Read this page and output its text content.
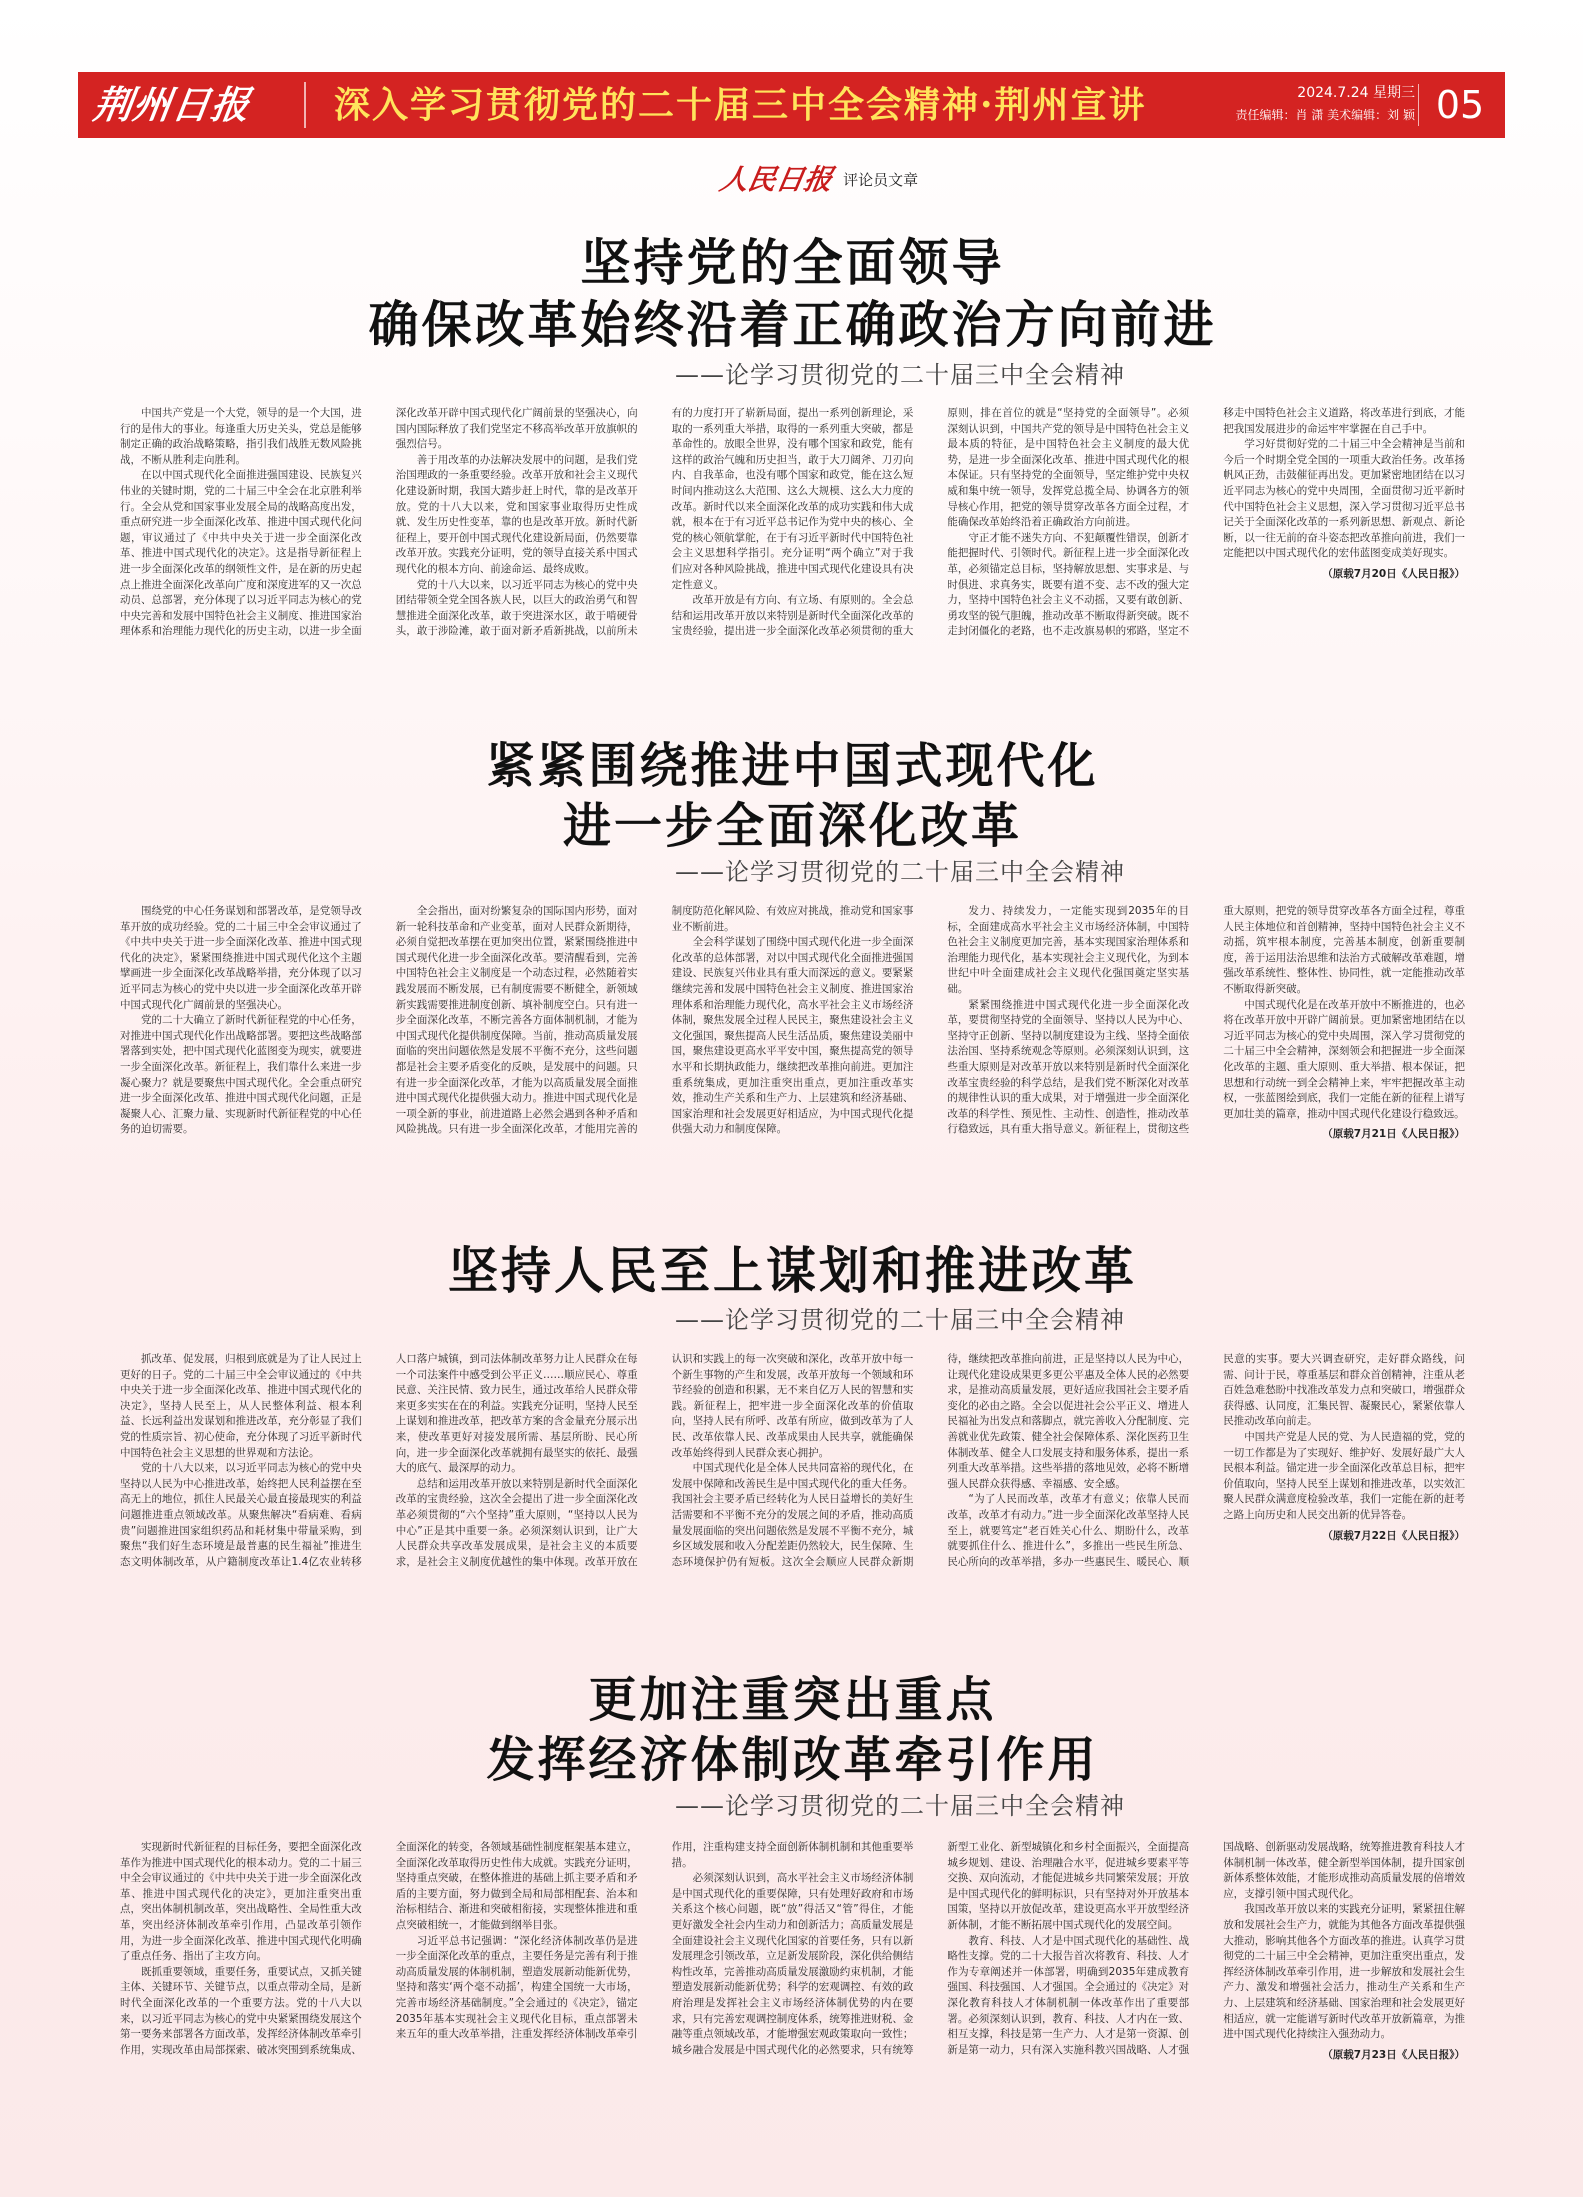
荆州日报	深入学习贯彻党的二十届三中全会精神·荆州宣讲	2024.7.24 星期三
责任编辑：肖 潇 美术编辑：刘 颖 05
人民日报 评论员文章
坚持党的全面领导
确保改革始终沿着正确政治方向前进
——论学习贯彻党的二十届三中全会精神

中国共产党是一个大党，领导的是一个大国，进行的是伟大的事业。每逢重大历史关头，党总是能够制定正确的政治战略策略，指引我们战胜无数风险挑战，不断从胜利走向胜利。

在以中国式现代化全面推进强国建设、民族复兴伟业的关键时期，党的二十届三中全会在北京胜利举行。全会从党和国家事业发展全局的战略高度出发，重点研究进一步全面深化改革、推进中国式现代化问题，审议通过了《中共中央关于进一步全面深化改革、推进中国式现代化的决定》。这是指导新征程上进一步全面深化改革的纲领性文件，是在新的历史起点上推进全面深化改革向广度和深度进军的又一次总动员、总部署，充分体现了以习近平同志为核心的党中央完善和发展中国特色社会主义制度、推进国家治理体系和治理能力现代化的历史主动，以进一步全面深化改革开辟中国式现代化广阔前景的坚强决心，向国内国际释放了我们党坚定不移高举改革开放旗帜的强烈信号。

善于用改革的办法解决发展中的问题，是我们党治国理政的一条重要经验。改革开放和社会主义现代化建设新时期，我国大踏步赶上时代，靠的是改革开放。党的十八大以来，党和国家事业取得历史性成就、发生历史性变革，靠的也是改革开放。新时代新征程上，要开创中国式现代化建设新局面，仍然要靠改革开放。实践充分证明，党的领导直接关系中国式现代化的根本方向、前途命运、最终成败。

党的十八大以来，以习近平同志为核心的党中央团结带领全党全国各族人民，以巨大的政治勇气和智慧推进全面深化改革，敢于突进深水区，敢于啃硬骨头，敢于涉险滩，敢于面对新矛盾新挑战，以前所未有的力度打开了崭新局面，提出一系列创新理论，采取的一系列重大举措，取得的一系列重大突破，都是革命性的。放眼全世界，没有哪个国家和政党，能有这样的政治气魄和历史担当，敢于大刀阔斧、刀刃向内、自我革命，也没有哪个国家和政党，能在这么短时间内推动这么大范围、这么大规模、这么大力度的改革。新时代以来全面深化改革的成功实践和伟大成就，根本在于有习近平总书记作为党中央的核心、全党的核心领航掌舵，在于有习近平新时代中国特色社会主义思想科学指引。充分证明“两个确立”对于我们应对各种风险挑战，推进中国式现代化建设具有决定性意义。

改革开放是有方向、有立场、有原则的。全会总结和运用改革开放以来特别是新时代全面深化改革的宝贵经验，提出进一步全面深化改革必须贯彻的重大原则，排在首位的就是“坚持党的全面领导”。必须深刻认识到，中国共产党的领导是中国特色社会主义最本质的特征，是中国特色社会主义制度的最大优势，是进一步全面深化改革、推进中国式现代化的根本保证。只有坚持党的全面领导，坚定维护党中央权威和集中统一领导，发挥党总揽全局、协调各方的领导核心作用，把党的领导贯穿改革各方面全过程，才能确保改革始终沿着正确政治方向前进。

守正才能不迷失方向、不犯颠覆性错误，创新才能把握时代、引领时代。新征程上进一步全面深化改革，必须锚定总目标，坚持解放思想、实事求是、与时俱进、求真务实，既要有道不变、志不改的强大定力，坚持中国特色社会主义不动摇，又要有敢创新、勇攻坚的锐气胆魄，推动改革不断取得新突破。既不走封闭僵化的老路，也不走改旗易帜的邪路，坚定不移走中国特色社会主义道路，将改革进行到底，才能把我国发展进步的命运牢牢掌握在自己手中。

学习好贯彻好党的二十届三中全会精神是当前和今后一个时期全党全国的一项重大政治任务。改革扬帆风正劲，击鼓催征再出发。更加紧密地团结在以习近平同志为核心的党中央周围，全面贯彻习近平新时代中国特色社会主义思想，深入学习贯彻习近平总书记关于全面深化改革的一系列新思想、新观点、新论断，以一往无前的奋斗姿态把改革推向前进，我们一定能把以中国式现代化的宏伟蓝图变成美好现实。

（原载7月20日《人民日报》）
紧紧围绕推进中国式现代化
进一步全面深化改革
——论学习贯彻党的二十届三中全会精神

围绕党的中心任务谋划和部署改革，是党领导改革开放的成功经验。党的二十届三中全会审议通过了《中共中央关于进一步全面深化改革、推进中国式现代化的决定》，紧紧围绕推进中国式现代化这个主题擘画进一步全面深化改革战略举措，充分体现了以习近平同志为核心的党中央以进一步全面深化改革开辟中国式现代化广阔前景的坚强决心。

党的二十大确立了新时代新征程党的中心任务，对推进中国式现代化作出战略部署。要把这些战略部署落到实处，把中国式现代化蓝图变为现实，就要进一步全面深化改革。新征程上，我们靠什么来进一步凝心聚力？就是要聚焦中国式现代化。全会重点研究进一步全面深化改革、推进中国式现代化问题，正是凝聚人心、汇聚力量、实现新时代新征程党的中心任务的迫切需要。

全会指出，面对纷繁复杂的国际国内形势，面对新一轮科技革命和产业变革，面对人民群众新期待，必须自觉把改革摆在更加突出位置，紧紧围绕推进中国式现代化进一步全面深化改革。要清醒看到，完善中国特色社会主义制度是一个动态过程，必然随着实践发展而不断发展，已有制度需要不断健全，新领域新实践需要推进制度创新、填补制度空白。只有进一步全面深化改革，不断完善各方面体制机制，才能为中国式现代化提供制度保障。当前，推动高质量发展面临的突出问题依然是发展不平衡不充分，这些问题都是社会主要矛盾变化的反映，是发展中的问题。只有进一步全面深化改革，才能为以高质量发展全面推进中国式现代化提供强大动力。推进中国式现代化是一项全新的事业，前进道路上必然会遇到各种矛盾和风险挑战。只有进一步全面深化改革，才能用完善的制度防范化解风险、有效应对挑战，推动党和国家事业不断前进。

全会科学谋划了围绕中国式现代化进一步全面深化改革的总体部署，对以中国式现代化全面推进强国建设、民族复兴伟业具有重大而深远的意义。要紧紧继续完善和发展中国特色社会主义制度、推进国家治理体系和治理能力现代化，高水平社会主义市场经济体制，聚焦发展全过程人民民主，聚焦建设社会主义文化强国，聚焦提高人民生活品质，聚焦建设美丽中国，聚焦建设更高水平平安中国，聚焦提高党的领导水平和长期执政能力，继续把改革推向前进。更加注重系统集成，更加注重突出重点，更加注重改革实效，推动生产关系和生产力、上层建筑和经济基础、国家治理和社会发展更好相适应，为中国式现代化提供强大动力和制度保障。

发力、持续发力，一定能实现到2035年的目标，全面建成高水平社会主义市场经济体制，中国特色社会主义制度更加完善，基本实现国家治理体系和治理能力现代化，基本实现社会主义现代化，为到本世纪中叶全面建成社会主义现代化强国奠定坚实基础。

紧紧围绕推进中国式现代化进一步全面深化改革，要贯彻坚持党的全面领导、坚持以人民为中心、坚持守正创新、坚持以制度建设为主线、坚持全面依法治国、坚持系统观念等原则。必须深刻认识到，这些重大原则是对改革开放以来特别是新时代全面深化改革宝贵经验的科学总结，是我们党不断深化对改革的规律性认识的重大成果，对于增强进一步全面深化改革的科学性、预见性、主动性、创造性，推动改革行稳致远，具有重大指导意义。新征程上，贯彻这些重大原则，把党的领导贯穿改革各方面全过程，尊重人民主体地位和首创精神，坚持中国特色社会主义不动摇，筑牢根本制度，完善基本制度，创新重要制度，善于运用法治思维和法治方式破解改革难题，增强改革系统性、整体性、协同性，就一定能推动改革不断取得新突破。

中国式现代化是在改革开放中不断推进的，也必将在改革开放中开辟广阔前景。更加紧密地团结在以习近平同志为核心的党中央周围，深入学习贯彻党的二十届三中全会精神，深刻领会和把握进一步全面深化改革的主题、重大原则、重大举措、根本保证，把思想和行动统一到全会精神上来，牢牢把握改革主动权，一张蓝图绘到底，我们一定能在新的征程上谱写更加壮美的篇章，推动中国式现代化建设行稳致远。

（原载7月21日《人民日报》）
坚持人民至上谋划和推进改革
——论学习贯彻党的二十届三中全会精神

抓改革、促发展，归根到底就是为了让人民过上更好的日子。党的二十届三中全会审议通过的《中共中央关于进一步全面深化改革、推进中国式现代化的决定》，坚持人民至上，从人民整体利益、根本利益、长远利益出发谋划和推进改革，充分彰显了我们党的性质宗旨、初心使命，充分体现了习近平新时代中国特色社会主义思想的世界观和方法论。

党的十八大以来，以习近平同志为核心的党中央坚持以人民为中心推进改革，始终把人民利益摆在至高无上的地位，抓住人民最关心最直接最现实的利益问题推进重点领域改革。从聚焦解决“看病难、看病贵”问题推进国家组织药品和耗材集中带量采购，到聚焦“我们好生态环境是最普惠的民生福祉”推进生态文明体制改革，从户籍制度改革让1.4亿农业转移人口落户城镇，到司法体制改革努力让人民群众在每一个司法案件中感受到公平正义……顺应民心、尊重民意、关注民情、致力民生，通过改革给人民群众带来更多实实在在的利益。实践充分证明，坚持人民至上谋划和推进改革，把改革方案的含金量充分展示出来，使改革更好对接发展所需、基层所盼、民心所向，进一步全面深化改革就拥有最坚实的依托、最强大的底气、最深厚的动力。

总结和运用改革开放以来特别是新时代全面深化改革的宝贵经验，这次全会提出了进一步全面深化改革必须贯彻的“六个坚持”重大原则，“坚持以人民为中心”正是其中重要一条。必须深刻认识到，让广大人民群众共享改革发展成果，是社会主义的本质要求，是社会主义制度优越性的集中体现。改革开放在认识和实践上的每一次突破和深化，改革开放中每一个新生事物的产生和发展，改革开放每一个领域和环节经验的创造和积累，无不来自亿万人民的智慧和实践。新征程上，把牢进一步全面深化改革的价值取向，坚持人民有所呼、改革有所应，做到改革为了人民、改革依靠人民、改革成果由人民共享，就能确保改革始终得到人民群众衷心拥护。

中国式现代化是全体人民共同富裕的现代化，在发展中保障和改善民生是中国式现代化的重大任务。我国社会主要矛盾已经转化为人民日益增长的美好生活需要和不平衡不充分的发展之间的矛盾，推动高质量发展面临的突出问题依然是发展不平衡不充分，城乡区域发展和收入分配差距仍然较大，民生保障、生态环境保护仍有短板。这次全会顺应人民群众新期待，继续把改革推向前进，正是坚持以人民为中心，让现代化建设成果更多更公平惠及全体人民的必然要求，是推动高质量发展，更好适应我国社会主要矛盾变化的必由之路。全会以促进社会公平正义、增进人民福祉为出发点和落脚点，就完善收入分配制度、完善就业优先政策、健全社会保障体系、深化医药卫生体制改革、健全人口发展支持和服务体系，提出一系列重大改革举措。这些举措的落地见效，必将不断增强人民群众获得感、幸福感、安全感。

“为了人民而改革，改革才有意义；依靠人民而改革，改革才有动力。”进一步全面深化改革坚持人民至上，就要笃定“老百姓关心什么、期盼什么，改革就要抓住什么、推进什么”，多推出一些民生所急、民心所向的改革举措，多办一些惠民生、暖民心、顺民意的实事。要大兴调查研究，走好群众路线，问需、问计于民，尊重基层和群众首创精神，注重从老百姓急难愁盼中找准改革发力点和突破口，增强群众获得感、认同度，汇集民智、凝聚民心，紧紧依靠人民推动改革向前走。

中国共产党是人民的党、为人民造福的党，党的一切工作都是为了实现好、维护好、发展好最广大人民根本利益。锚定进一步全面深化改革总目标，把牢价值取向，坚持人民至上谋划和推进改革，以实效汇聚人民群众满意度检验改革，我们一定能在新的赶考之路上向历史和人民交出新的优异答卷。

（原载7月22日《人民日报》）
更加注重突出重点
发挥经济体制改革牵引作用
——论学习贯彻党的二十届三中全会精神

实现新时代新征程的目标任务，要把全面深化改革作为推进中国式现代化的根本动力。党的二十届三中全会审议通过的《中共中央关于进一步全面深化改革、推进中国式现代化的决定》，更加注重突出重点，突出体制机制改革，突出战略性、全局性重大改革，突出经济体制改革牵引作用，凸显改革引领作用，为进一步全面深化改革、推进中国式现代化明确了重点任务、指出了主攻方向。

既抓重要领域，重要任务，重要试点，又抓关键主体、关键环节、关键节点，以重点带动全局，是新时代全面深化改革的一个重要方法。党的十八大以来，以习近平同志为核心的党中央紧紧围绕发展这个第一要务来部署各方面改革，发挥经济体制改革牵引作用，实现改革由局部探索、破冰突围到系统集成、全面深化的转变，各领域基础性制度框架基本建立，全面深化改革取得历史性伟大成就。实践充分证明，坚持重点突破，在整体推进的基础上抓主要矛盾和矛盾的主要方面，努力做到全局和局部相配套、治本和治标相结合、渐进和突破相衔接，实现整体推进和重点突破相统一，才能做到纲举目张。

习近平总书记强调：“深化经济体制改革仍是进一步全面深化改革的重点，主要任务是完善有利于推动高质量发展的体制机制，塑造发展新动能新优势，坚持和落实‘两个毫不动摇’，构建全国统一大市场，完善市场经济基础制度。”全会通过的《决定》，锚定2035年基本实现社会主义现代化目标，重点部署未来五年的重大改革举措，注重发挥经济体制改革牵引作用，注重构建支持全面创新体制机制和其他重要举措。

必须深刻认识到，高水平社会主义市场经济体制是中国式现代化的重要保障，只有处理好政府和市场关系这个核心问题，既“放”得活又“管”得住，才能更好激发全社会内生动力和创新活力；高质量发展是全面建设社会主义现代化国家的首要任务，只有以新发展理念引领改革，立足新发展阶段，深化供给侧结构性改革，完善推动高质量发展激励约束机制，才能塑造发展新动能新优势；科学的宏观调控、有效的政府治理是发挥社会主义市场经济体制优势的内在要求，只有完善宏观调控制度体系，统筹推进财税、金融等重点领域改革，才能增强宏观政策取向一致性；城乡融合发展是中国式现代化的必然要求，只有统筹新型工业化、新型城镇化和乡村全面振兴，全面提高城乡规划、建设、治理融合水平，促进城乡要素平等交换、双向流动，才能促进城乡共同繁荣发展；开放是中国式现代化的鲜明标识，只有坚持对外开放基本国策，坚持以开放促改革，建设更高水平开放型经济新体制，才能不断拓展中国式现代化的发展空间。

教育、科技、人才是中国式现代化的基础性、战略性支撑。党的二十大报告首次将教育、科技、人才作为专章阐述并一体部署，明确到2035年建成教育强国、科技强国、人才强国。全会通过的《决定》对深化教育科技人才体制机制一体改革作出了重要部署。必须深刻认识到，教育、科技、人才内在一致、相互支撑，科技是第一生产力、人才是第一资源、创新是第一动力，只有深入实施科教兴国战略、人才强国战略、创新驱动发展战略，统筹推进教育科技人才体制机制一体改革，健全新型举国体制，提升国家创新体系整体效能，才能形成推动高质量发展的倍增效应，支撑引领中国式现代化。

我国改革开放以来的实践充分证明，紧紧扭住解放和发展社会生产力，就能为其他各方面改革提供强大推动，影响其他各个方面改革的推进。认真学习贯彻党的二十届三中全会精神，更加注重突出重点，发挥经济体制改革牵引作用，进一步解放和发展社会生产力、激发和增强社会活力，推动生产关系和生产力、上层建筑和经济基础、国家治理和社会发展更好相适应，就一定能谱写新时代改革开放新篇章，为推进中国式现代化持续注入强劲动力。

（原载7月23日《人民日报》）
